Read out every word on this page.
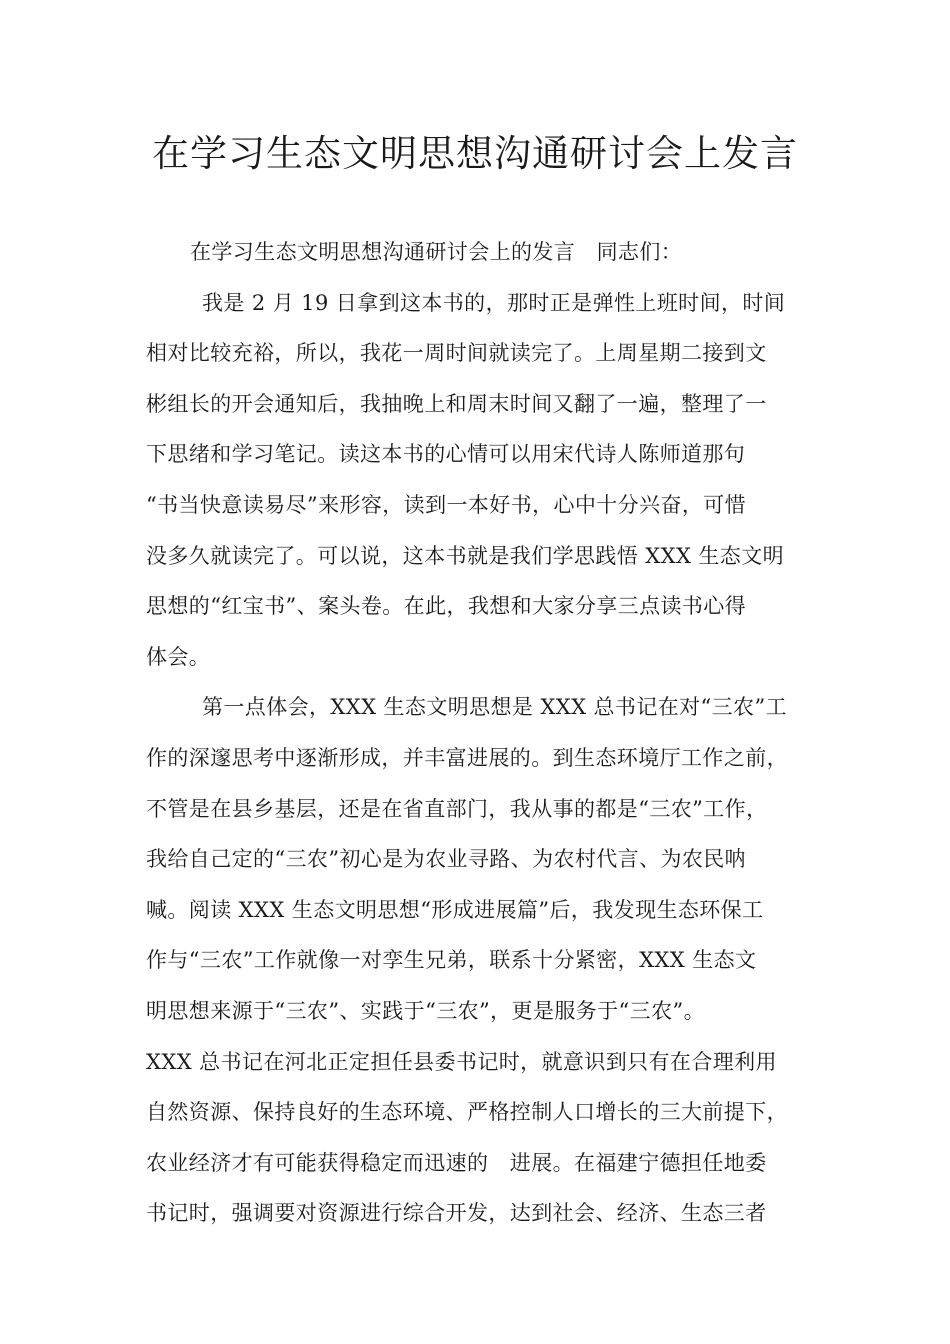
在学习生态文明思想沟通研讨会上发言
在学习生态文明思想沟通研讨会上的发言　同志们：
我是 2 月 19 日拿到这本书的，那时正是弹性上班时间，时间
相对比较充裕，所以，我花一周时间就读完了。上周星期二接到文
彬组长的开会通知后，我抽晚上和周末时间又翻了一遍，整理了一
下思绪和学习笔记。读这本书的心情可以用宋代诗人陈师道那句
“书当快意读易尽”来形容，读到一本好书，心中十分兴奋，可惜
没多久就读完了。可以说，这本书就是我们学思践悟 XXX 生态文明
思想的“红宝书”、案头卷。在此，我想和大家分享三点读书心得
体会。
第一点体会，XXX 生态文明思想是 XXX 总书记在对“三农”工
作的深邃思考中逐渐形成，并丰富进展的。到生态环境厅工作之前，
不管是在县乡基层，还是在省直部门，我从事的都是“三农”工作，
我给自己定的“三农”初心是为农业寻路、为农村代言、为农民呐
喊。阅读 XXX 生态文明思想“形成进展篇”后，我发现生态环保工
作与“三农”工作就像一对孪生兄弟，联系十分紧密，XXX 生态文
明思想来源于“三农”、实践于“三农”，更是服务于“三农”。
XXX 总书记在河北正定担任县委书记时，就意识到只有在合理利用
自然资源、保持良好的生态环境、严格控制人口增长的三大前提下，
农业经济才有可能获得稳定而迅速的　进展。在福建宁德担任地委
书记时，强调要对资源进行综合开发，达到社会、经济、生态三者
